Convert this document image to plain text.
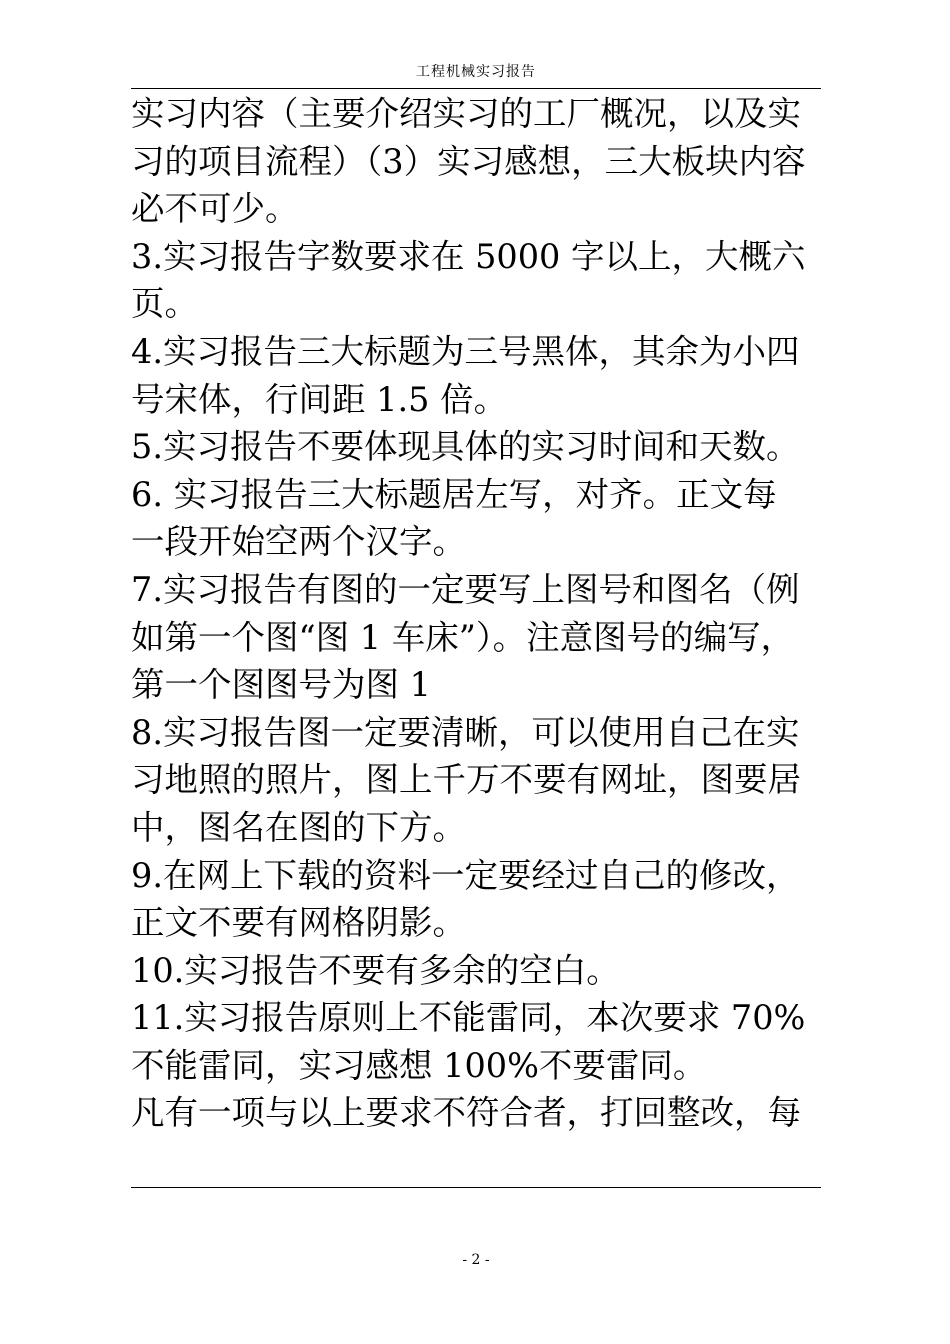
工程机械实习报告
实习内容（主要介绍实习的工厂概况，以及实
习的项目流程）（3）实习感想，三大板块内容
必不可少。
3.实习报告字数要求在 5000 字以上，大概六
页。
4.实习报告三大标题为三号黑体，其余为小四
号宋体，行间距 1.5 倍。
5.实习报告不要体现具体的实习时间和天数。
6. 实习报告三大标题居左写，对齐。正文每
一段开始空两个汉字。
7.实习报告有图的一定要写上图号和图名（例
如第一个图“图 1 车床”）。注意图号的编写，
第一个图图号为图 1
8.实习报告图一定要清晰，可以使用自己在实
习地照的照片，图上千万不要有网址，图要居
中，图名在图的下方。
9.在网上下载的资料一定要经过自己的修改，
正文不要有网格阴影。
10.实习报告不要有多余的空白。
11.实习报告原则上不能雷同，本次要求 70%
不能雷同，实习感想 100%不要雷同。
凡有一项与以上要求不符合者，打回整改，每
- 2 -
